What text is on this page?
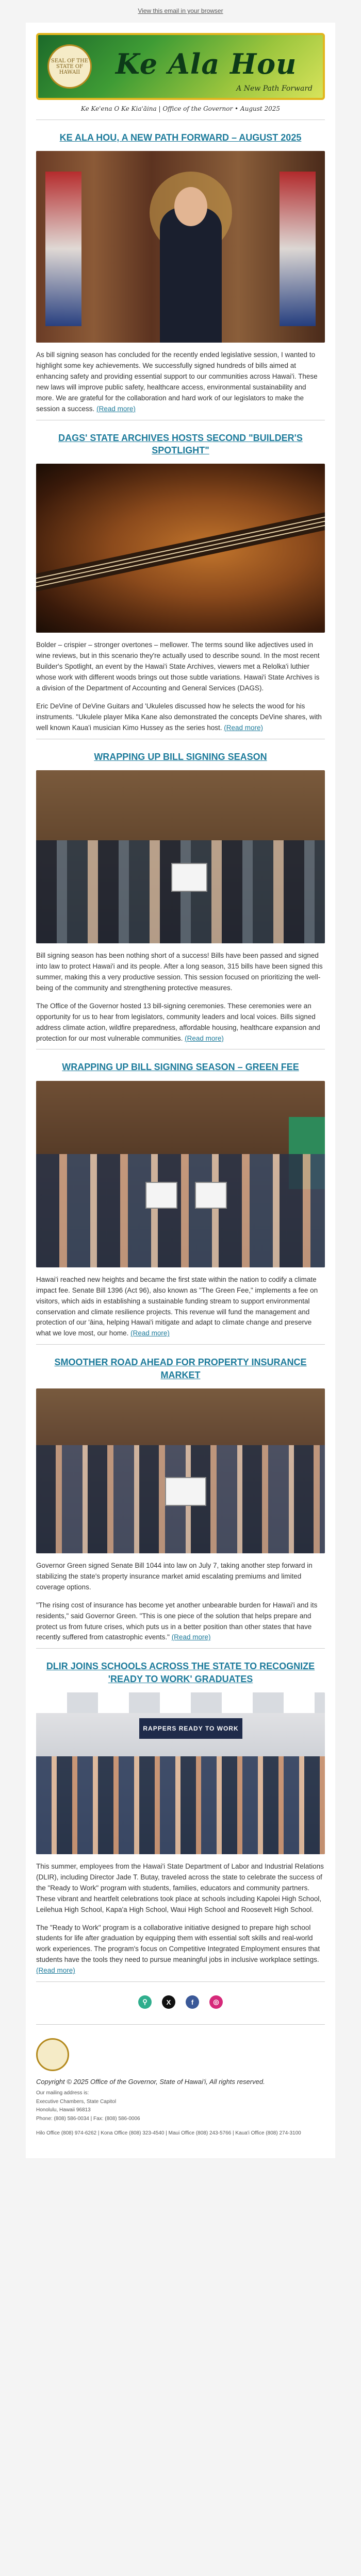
View this email in your browser
SEAL OF THE STATE OF HAWAII	Ke Ala Hou
A New Path Forward
Ke Ke'ena O Ke Kia'āina | Office of the Governor • August 2025
KE ALA HOU, A NEW PATH FORWARD – AUGUST 2025

As bill signing season has concluded for the recently ended legislative session, I wanted to highlight some key achievements. We successfully signed hundreds of bills aimed at enhancing safety and providing essential support to our communities across Hawai'i. These new laws will improve public safety, healthcare access, environmental sustainability and more. We are grateful for the collaboration and hard work of our legislators to make the session a success. (Read more)

DAGS' STATE ARCHIVES HOSTS SECOND "BUILDER'S SPOTLIGHT"

Bolder – crispier – stronger overtones – mellower. The terms sound like adjectives used in wine reviews, but in this scenario they're actually used to describe sound. In the most recent Builder's Spotlight, an event by the Hawai'i State Archives, viewers met a Relolka'i luthier whose work with different woods brings out those subtle variations. Hawai'i State Archives is a division of the Department of Accounting and General Services (DAGS).

Eric DeVine of DeVine Guitars and 'Ukuleles discussed how he selects the wood for his instruments. "Ukulele player Mika Kane also demonstrated the concepts DeVine shares, with well known Kaua'i musician Kimo Hussey as the series host. (Read more)

WRAPPING UP BILL SIGNING SEASON

Bill signing season has been nothing short of a success! Bills have been passed and signed into law to protect Hawai'i and its people. After a long season, 315 bills have been signed this summer, making this a very productive session. This session focused on prioritizing the well-being of the community and strengthening protective measures.

The Office of the Governor hosted 13 bill-signing ceremonies. These ceremonies were an opportunity for us to hear from legislators, community leaders and local voices. Bills signed address climate action, wildfire preparedness, affordable housing, healthcare expansion and protection for our most vulnerable communities. (Read more)

WRAPPING UP BILL SIGNING SEASON – GREEN FEE

Hawai'i reached new heights and became the first state within the nation to codify a climate impact fee. Senate Bill 1396 (Act 96), also known as "The Green Fee," implements a fee on visitors, which aids in establishing a sustainable funding stream to support environmental conservation and climate resilience projects. This revenue will fund the management and protection of our 'āina, helping Hawai'i mitigate and adapt to climate change and preserve what we love most, our home. (Read more)

SMOOTHER ROAD AHEAD FOR PROPERTY INSURANCE MARKET

Governor Green signed Senate Bill 1044 into law on July 7, taking another step forward in stabilizing the state's property insurance market amid escalating premiums and limited coverage options.

"The rising cost of insurance has become yet another unbearable burden for Hawai'i and its residents," said Governor Green. "This is one piece of the solution that helps prepare and protect us from future crises, which puts us in a better position than other states that have recently suffered from catastrophic events." (Read more)

DLIR JOINS SCHOOLS ACROSS THE STATE TO RECOGNIZE 'READY TO WORK' GRADUATES
RAPPERS READY TO WORK

This summer, employees from the Hawai'i State Department of Labor and Industrial Relations (DLIR), including Director Jade T. Butay, traveled across the state to celebrate the success of the "Ready to Work" program with students, families, educators and community partners. These vibrant and heartfelt celebrations took place at schools including Kapolei High School, Leilehua High School, Kapa'a High School, Waui High School and Roosevelt High School.

The "Ready to Work" program is a collaborative initiative designed to prepare high school students for life after graduation by equipping them with essential soft skills and real-world work experiences. The program's focus on Competitive Integrated Employment ensures that students have the tools they need to pursue meaningful jobs in inclusive workplace settings. (Read more)

⚲	X	f	◎
Copyright © 2025 Office of the Governor, State of Hawai'i, All rights reserved.
Our mailing address is:
Executive Chambers, State Capitol
Honolulu, Hawaii 96813
Phone: (808) 586-0034 | Fax: (808) 586-0006
Hilo Office (808) 974-6262 | Kona Office (808) 323-4540 | Maui Office (808) 243-5766 | Kaua'i Office (808) 274-3100
